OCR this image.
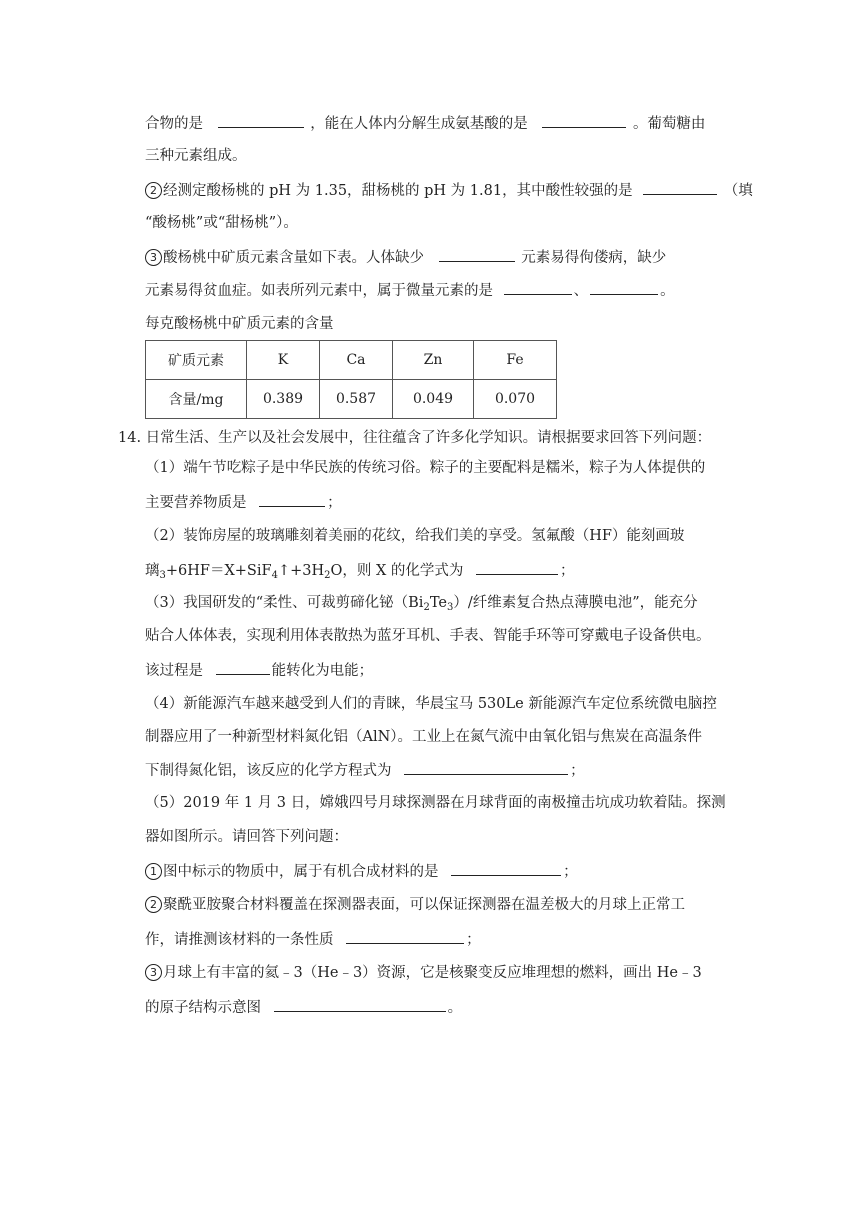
合物的是	，能在人体内分解生成氨基酸的是	。葡萄糖由
三种元素组成。
2 经测定酸杨桃的 pH 为 1.35，甜杨桃的 pH 为 1.81，其中酸性较强的是	（填
“酸杨桃”或“甜杨桃”）。
3 酸杨桃中矿质元素含量如下表。人体缺少	元素易得佝偻病，缺少
元素易得贫血症。如表所列元素中，属于微量元素的是	、	。
每克酸杨桃中矿质元素的含量
矿质元素	K	Ca	Zn	Fe
含量/mg	0.389	0.587	0.049	0.070
14. 日常生活、生产以及社会发展中，往往蕴含了许多化学知识。请根据要求回答下列问题：
（1）端午节吃粽子是中华民族的传统习俗。粽子的主要配料是糯米，粽子为人体提供的
主要营养物质是	；
（2）装饰房屋的玻璃雕刻着美丽的花纹，给我们美的享受。氢氟酸（HF）能刻画玻
璃$_3+6HF=X+SiF_4↑+3H_2O$，则 X 的化学式为	；
（3）我国研发的“柔性、可裁剪碲化铋$(Bi_2Te_3)/$纤维素复合热点薄膜电池”，能充分
贴合人体体表，实现利用体表散热为蓝牙耳机、手表、智能手环等可穿戴电子设备供电。
该过程是	能转化为电能；
（4）新能源汽车越来越受到人们的青睐，华晨宝马 530Le 新能源汽车定位系统微电脑控
制器应用了一种新型材料氮化铝（AlN）。工业上在氮气流中由氧化铝与焦炭在高温条件
下制得氮化铝，该反应的化学方程式为	；
（5）2019 年 1 月 3 日，嫦娥四号月球探测器在月球背面的南极撞击坑成功软着陆。探测
器如图所示。请回答下列问题：
1 图中标示的物质中，属于有机合成材料的是	；
2 聚酰亚胺聚合材料覆盖在探测器表面，可以保证探测器在温差极大的月球上正常工
作，请推测该材料的一条性质	；
3 月球上有丰富的氦﹣3（He﹣3）资源，它是核聚变反应堆理想的燃料，画出 He﹣3
的原子结构示意图	。
